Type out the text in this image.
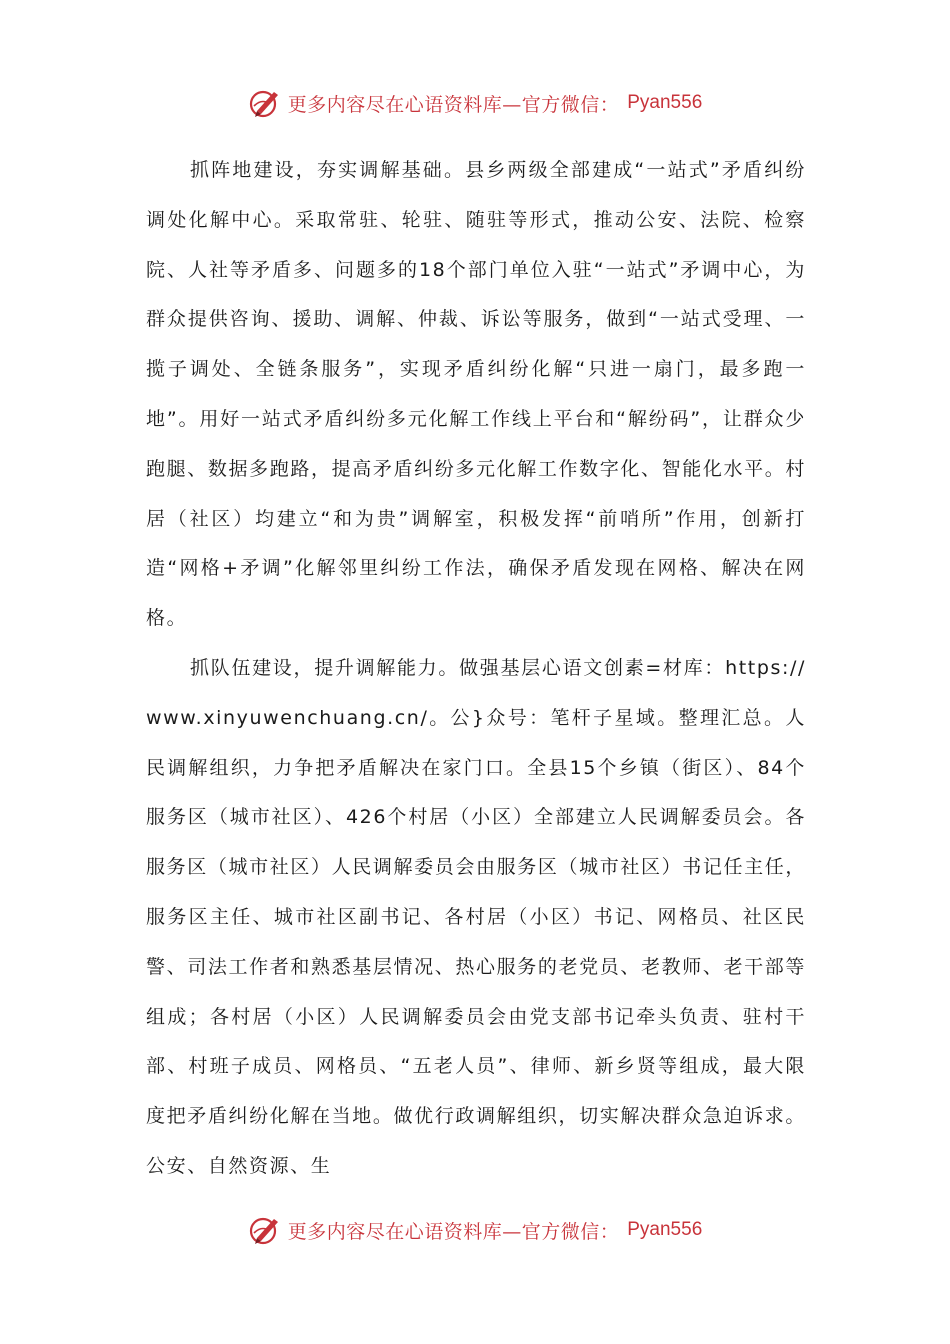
更多内容尽在心语资料库—官方微信： Pyan556

抓阵地建设，夯实调解基础。县乡两级全部建成“一站式”矛盾纠纷调处化解中心。采取常驻、轮驻、随驻等形式，推动公安、法院、检察院、人社等矛盾多、问题多的18个部门单位入驻“一站式”矛调中心，为群众提供咨询、援助、调解、仲裁、诉讼等服务，做到“一站式受理、一揽子调处、全链条服务”，实现矛盾纠纷化解“只进一扇门，最多跑一地”。用好一站式矛盾纠纷多元化解工作线上平台和“解纷码”，让群众少跑腿、数据多跑路，提高矛盾纠纷多元化解工作数字化、智能化水平。村居（社区）均建立“和为贵”调解室，积极发挥“前哨所”作用，创新打造“网格+矛调”化解邻里纠纷工作法，确保矛盾发现在网格、解决在网格。

抓队伍建设，提升调解能力。做强基层心语文创素=材库：https://www.xinyuwenchuang.cn/。公}众号：笔杆子星域。整理汇总。人民调解组织，力争把矛盾解决在家门口。全县15个乡镇（街区）、84个服务区（城市社区）、426个村居（小区）全部建立人民调解委员会。各服务区（城市社区）人民调解委员会由服务区（城市社区）书记任主任，服务区主任、城市社区副书记、各村居（小区）书记、网格员、社区民警、司法工作者和熟悉基层情况、热心服务的老党员、老教师、老干部等组成；各村居（小区）人民调解委员会由党支部书记牵头负责、驻村干部、村班子成员、网格员、“五老人员”、律师、新乡贤等组成，最大限度把矛盾纠纷化解在当地。做优行政调解组织，切实解决群众急迫诉求。公安、自然资源、生

更多内容尽在心语资料库—官方微信： Pyan556
